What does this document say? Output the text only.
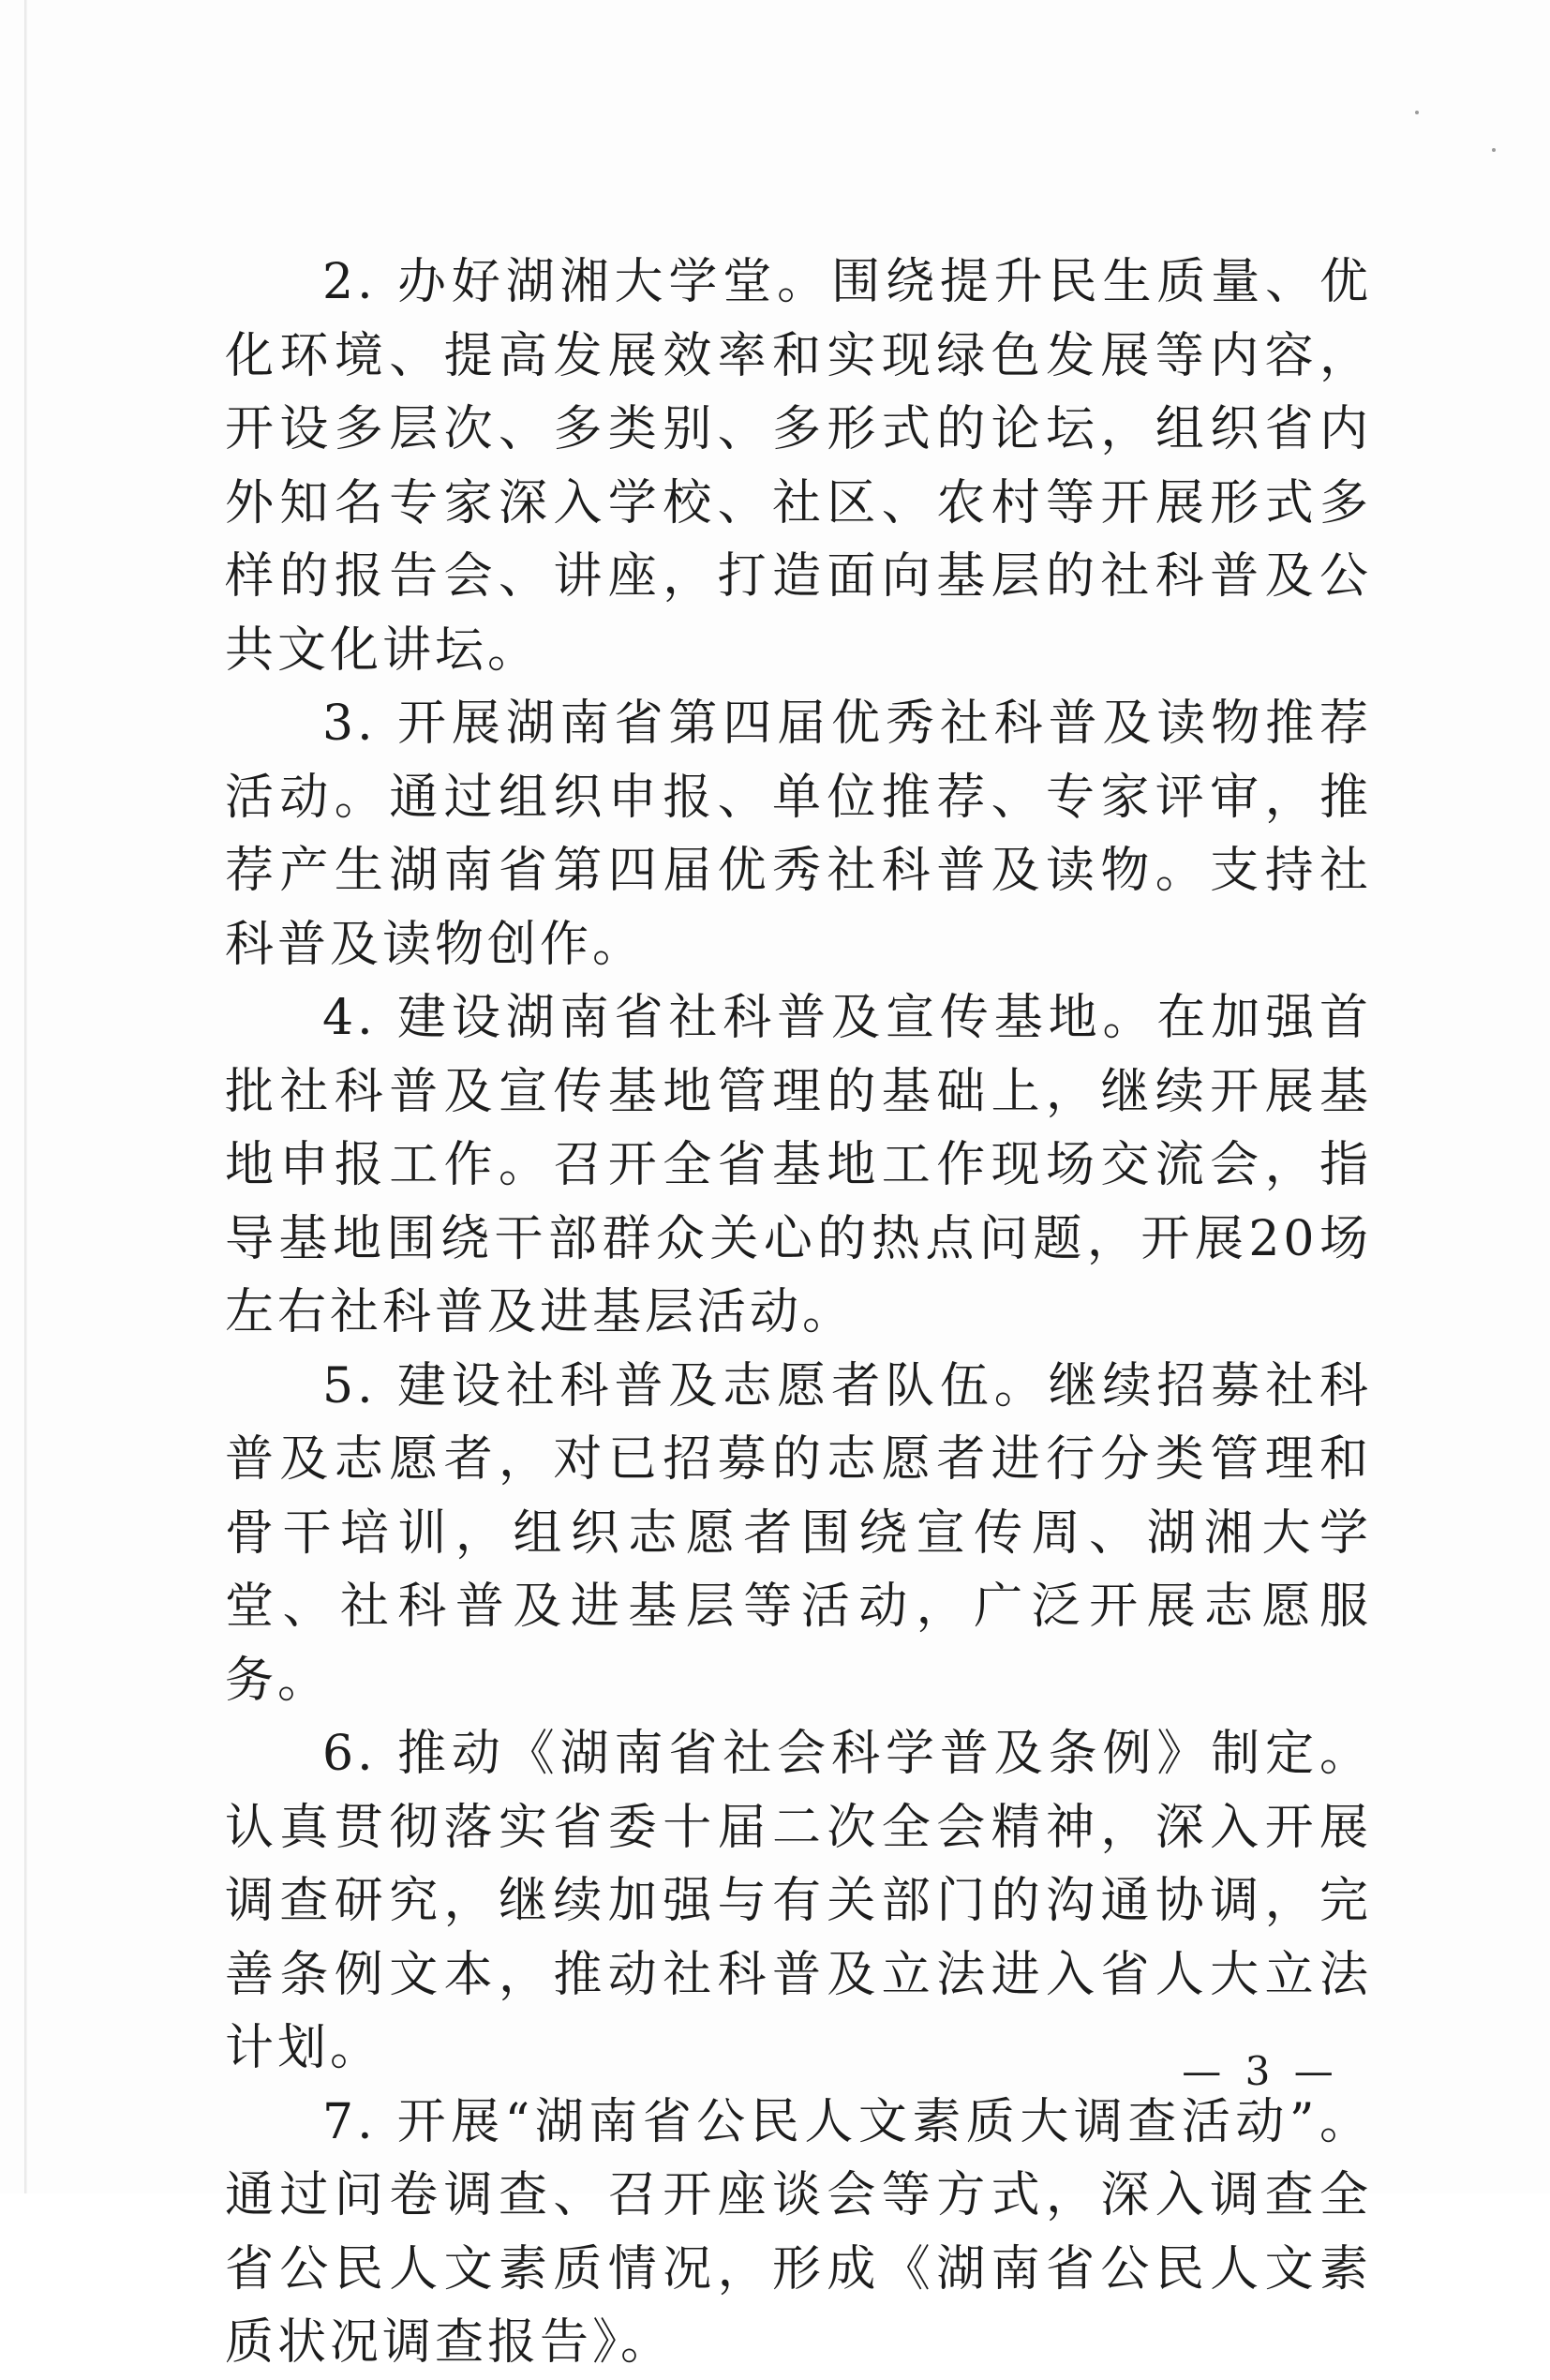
2. 办好湖湘大学堂。围绕提升民生质量、优化环境、提高发展效率和实现绿色发展等内容，开设多层次、多类别、多形式的论坛，组织省内外知名专家深入学校、社区、农村等开展形式多样的报告会、讲座，打造面向基层的社科普及公共文化讲坛。

3. 开展湖南省第四届优秀社科普及读物推荐活动。通过组织申报、单位推荐、专家评审，推荐产生湖南省第四届优秀社科普及读物。支持社科普及读物创作。

4. 建设湖南省社科普及宣传基地。在加强首批社科普及宣传基地管理的基础上，继续开展基地申报工作。召开全省基地工作现场交流会，指导基地围绕干部群众关心的热点问题，开展20场左右社科普及进基层活动。

5. 建设社科普及志愿者队伍。继续招募社科普及志愿者，对已招募的志愿者进行分类管理和骨干培训，组织志愿者围绕宣传周、湖湘大学堂、社科普及进基层等活动，广泛开展志愿服务。

6. 推动《湖南省社会科学普及条例》制定。认真贯彻落实省委十届二次全会精神，深入开展调查研究，继续加强与有关部门的沟通协调，完善条例文本，推动社科普及立法进入省人大立法计划。

7. 开展“湖南省公民人文素质大调查活动”。通过问卷调查、召开座谈会等方式，深入调查全省公民人文素质情况，形成《湖南省公民人文素质状况调查报告》。

— 3 —
